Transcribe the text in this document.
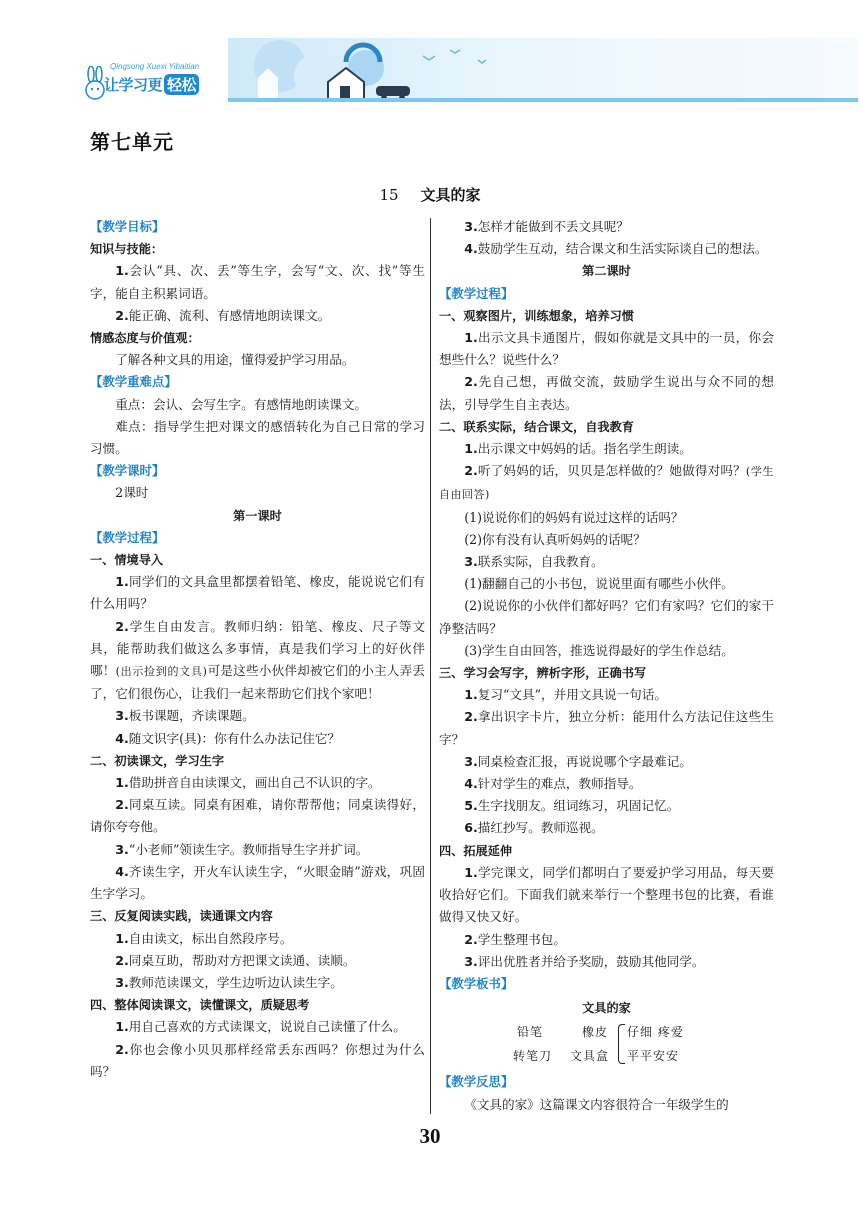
Qingsong Xuexi Yibaitian
让学习更 轻松
第七单元
15 文具的家

【教学目标】

知识与技能：

1.会认“具、次、丢”等生字，会写“文、次、找”等生字，能自主积累词语。

2.能正确、流利、有感情地朗读课文。

情感态度与价值观：

了解各种文具的用途，懂得爱护学习用品。

【教学重难点】

重点：会认、会写生字。有感情地朗读课文。

难点：指导学生把对课文的感悟转化为自己日常的学习习惯。

【教学课时】

2课时

第一课时

【教学过程】

一、情境导入

1.同学们的文具盒里都摆着铅笔、橡皮，能说说它们有什么用吗？

2.学生自由发言。教师归纳：铅笔、橡皮、尺子等文具，能帮助我们做这么多事情，真是我们学习上的好伙伴哪！(出示捡到的文具)可是这些小伙伴却被它们的小主人弄丢了，它们很伤心，让我们一起来帮助它们找个家吧！

3.板书课题，齐读课题。

4.随文识字(具)：你有什么办法记住它？

二、初读课文，学习生字

1.借助拼音自由读课文，画出自己不认识的字。

2.同桌互读。同桌有困难，请你帮帮他；同桌读得好，请你夸夸他。

3.“小老师”领读生字。教师指导生字并扩词。

4.齐读生字，开火车认读生字，“火眼金睛”游戏，巩固生字学习。

三、反复阅读实践，读通课文内容

1.自由读文，标出自然段序号。

2.同桌互助，帮助对方把课文读通、读顺。

3.教师范读课文，学生边听边认读生字。

四、整体阅读课文，读懂课文，质疑思考

1.用自己喜欢的方式读课文，说说自己读懂了什么。

2.你也会像小贝贝那样经常丢东西吗？你想过为什么吗？

3.怎样才能做到不丢文具呢？

4.鼓励学生互动，结合课文和生活实际谈自己的想法。

第二课时

【教学过程】

一、观察图片，训练想象，培养习惯

1.出示文具卡通图片，假如你就是文具中的一员，你会想些什么？说些什么？

2.先自己想，再做交流，鼓励学生说出与众不同的想法，引导学生自主表达。

二、联系实际，结合课文，自我教育

1.出示课文中妈妈的话。指名学生朗读。

2.听了妈妈的话，贝贝是怎样做的？她做得对吗？(学生自由回答)

(1)说说你们的妈妈有说过这样的话吗？

(2)你有没有认真听妈妈的话呢？

3.联系实际，自我教育。

(1)翻翻自己的小书包，说说里面有哪些小伙伴。

(2)说说你的小伙伴们都好吗？它们有家吗？它们的家干净整洁吗？

(3)学生自由回答，推选说得最好的学生作总结。

三、学习会写字，辨析字形，正确书写

1.复习“文具”，并用文具说一句话。

2.拿出识字卡片，独立分析：能用什么方法记住这些生字？

3.同桌检查汇报，再说说哪个字最难记。

4.针对学生的难点，教师指导。

5.生字找朋友。组词练习，巩固记忆。

6.描红抄写。教师巡视。

四、拓展延伸

1.学完课文，同学们都明白了要爱护学习用品，每天要收拾好它们。下面我们就来举行一个整理书包的比赛，看谁做得又快又好。

2.学生整理书包。

3.评出优胜者并给予奖励，鼓励其他同学。

【教学板书】

文具的家
铅笔	橡皮
转笔刀 文具盒
仔细 疼爱
平平安安

【教学反思】

《文具的家》这篇课文内容很符合一年级学生的

30
